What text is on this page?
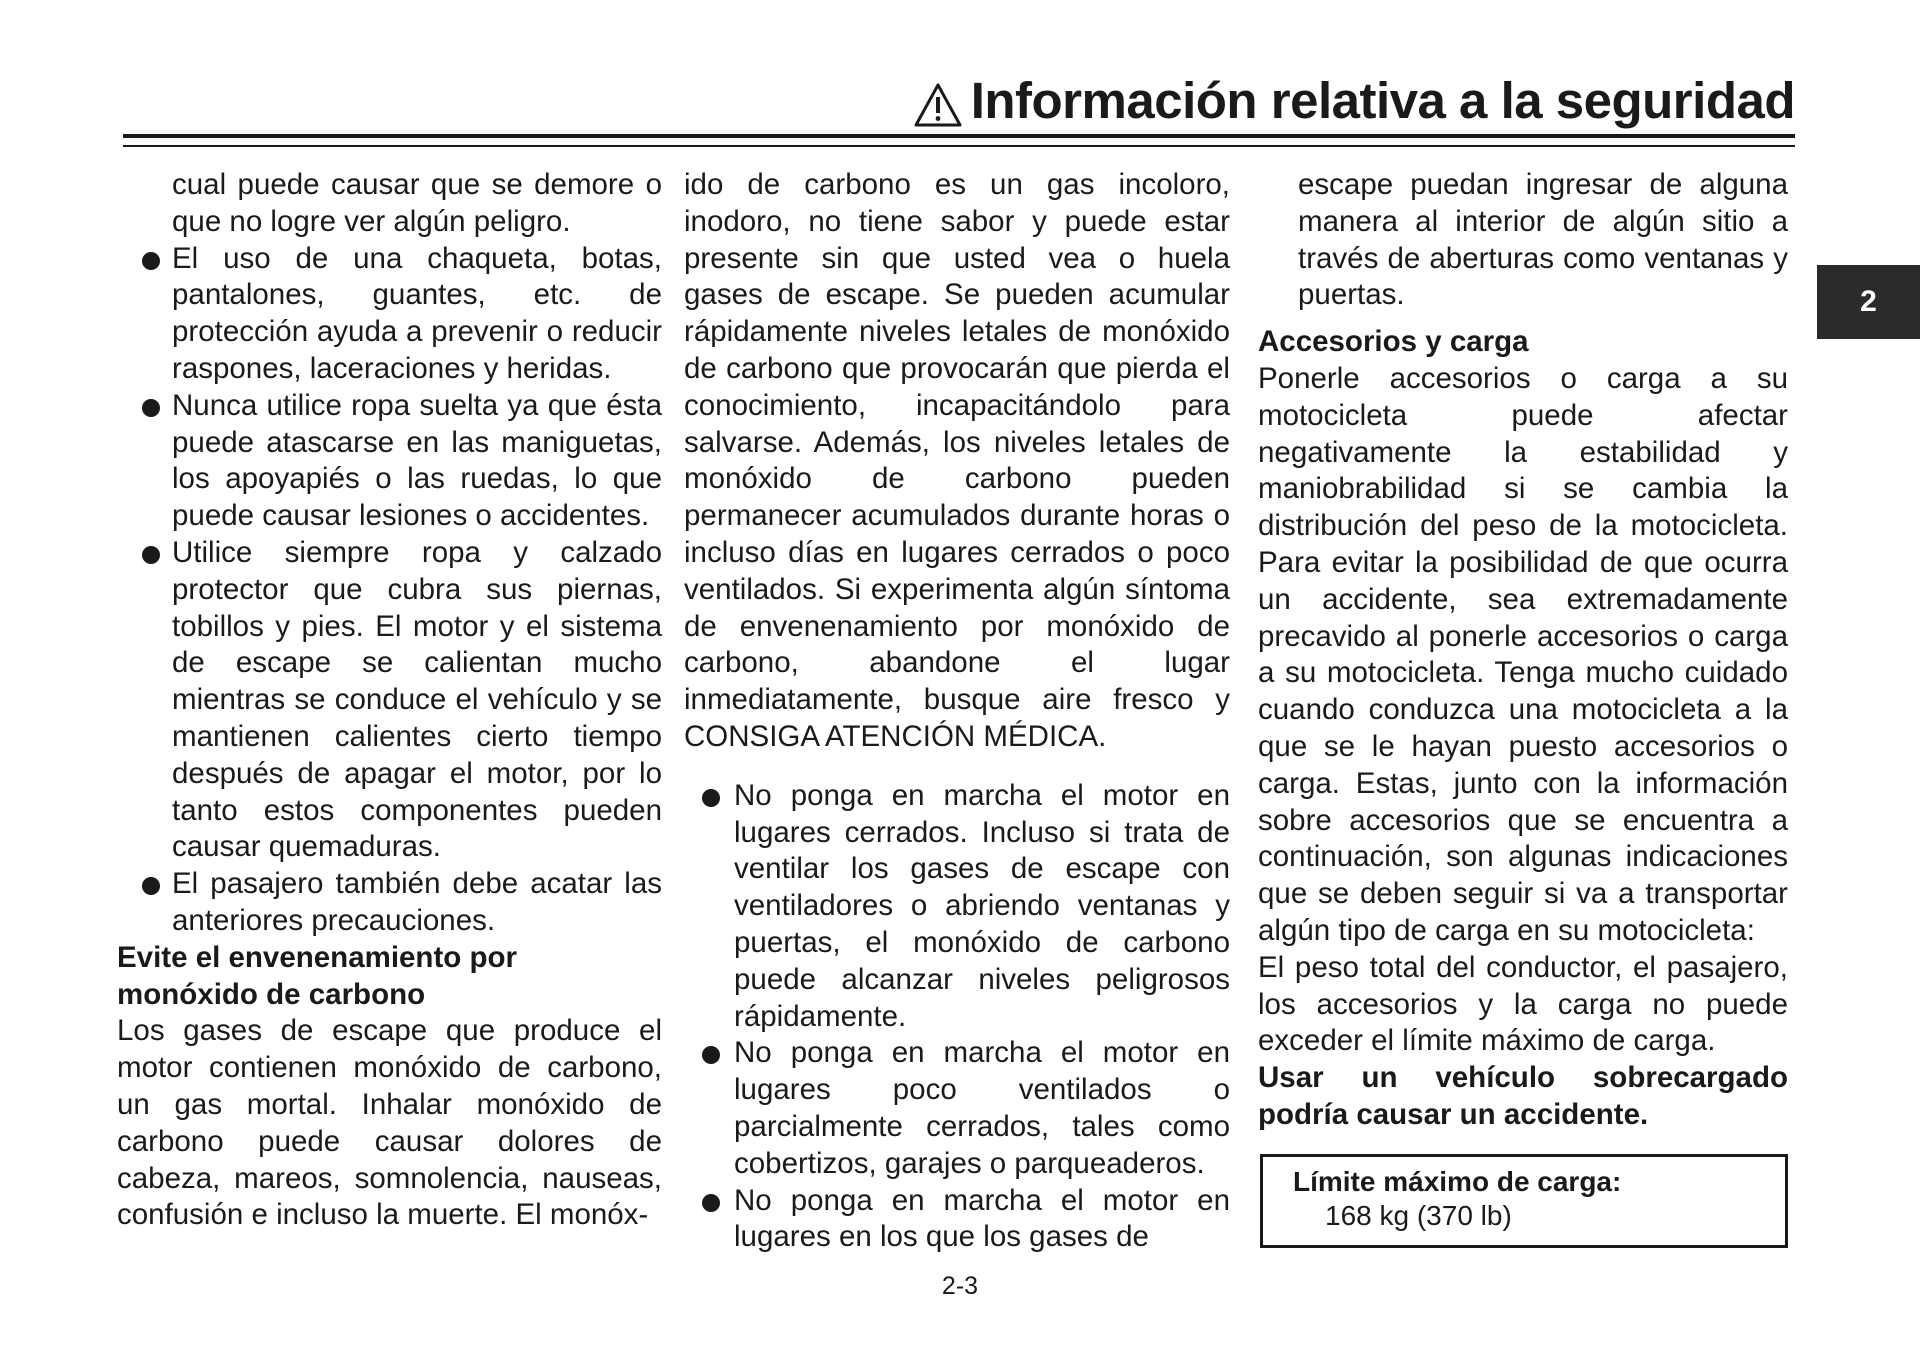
Información relativa a la seguridad
2

cual puede causar que se demore o que no logre ver algún peligro.

El uso de una chaqueta, botas, pantalones, guantes, etc. de protección ayuda a prevenir o reducir raspones, laceraciones y heridas.
Nunca utilice ropa suelta ya que ésta puede atascarse en las maniguetas, los apoyapiés o las ruedas, lo que puede causar lesiones o accidentes.
Utilice siempre ropa y calzado protector que cubra sus piernas, tobillos y pies. El motor y el sistema de escape se calientan mucho mientras se conduce el vehículo y se mantienen calientes cierto tiempo después de apagar el motor, por lo tanto estos componentes pueden causar quemaduras.
El pasajero también debe acatar las anteriores precauciones.
Evite el envenenamiento por monóxido de carbono

Los gases de escape que produce el motor contienen monóxido de carbono, un gas mortal. Inhalar monóxido de carbono puede causar dolores de cabeza, mareos, somnolencia, nauseas, confusión e incluso la muerte. El monóx-

ido de carbono es un gas incoloro, inodoro, no tiene sabor y puede estar presente sin que usted vea o huela gases de escape. Se pueden acumular rápidamente niveles letales de monóxido de carbono que provocarán que pierda el conocimiento, incapacitándolo para salvarse. Además, los niveles letales de monóxido de carbono pueden permanecer acumulados durante horas o incluso días en lugares cerrados o poco ventilados. Si experimenta algún síntoma de envenenamiento por monóxido de carbono, abandone el lugar inmediatamente, busque aire fresco y CONSIGA ATENCIÓN MÉDICA.

No ponga en marcha el motor en lugares cerrados. Incluso si trata de ventilar los gases de escape con ventiladores o abriendo ventanas y puertas, el monóxido de carbono puede alcanzar niveles peligrosos rápidamente.
No ponga en marcha el motor en lugares poco ventilados o parcialmente cerrados, tales como cobertizos, garajes o parqueaderos.
No ponga en marcha el motor en lugares en los que los gases de

escape puedan ingresar de alguna manera al interior de algún sitio a través de aberturas como ventanas y puertas.

Accesorios y carga

Ponerle accesorios o carga a su motocicleta puede afectar negativamente la estabilidad y maniobrabilidad si se cambia la distribución del peso de la motocicleta. Para evitar la posibilidad de que ocurra un accidente, sea extremadamente precavido al ponerle accesorios o carga a su motocicleta. Tenga mucho cuidado cuando conduzca una motocicleta a la que se le hayan puesto accesorios o carga. Estas, junto con la información sobre accesorios que se encuentra a continuación, son algunas indicaciones que se deben seguir si va a transportar algún tipo de carga en su motocicleta:

El peso total del conductor, el pasajero, los accesorios y la carga no puede exceder el límite máximo de carga.

Usar un vehículo sobrecargado podría causar un accidente.

Límite máximo de carga:
168 kg (370 lb)
2-3
